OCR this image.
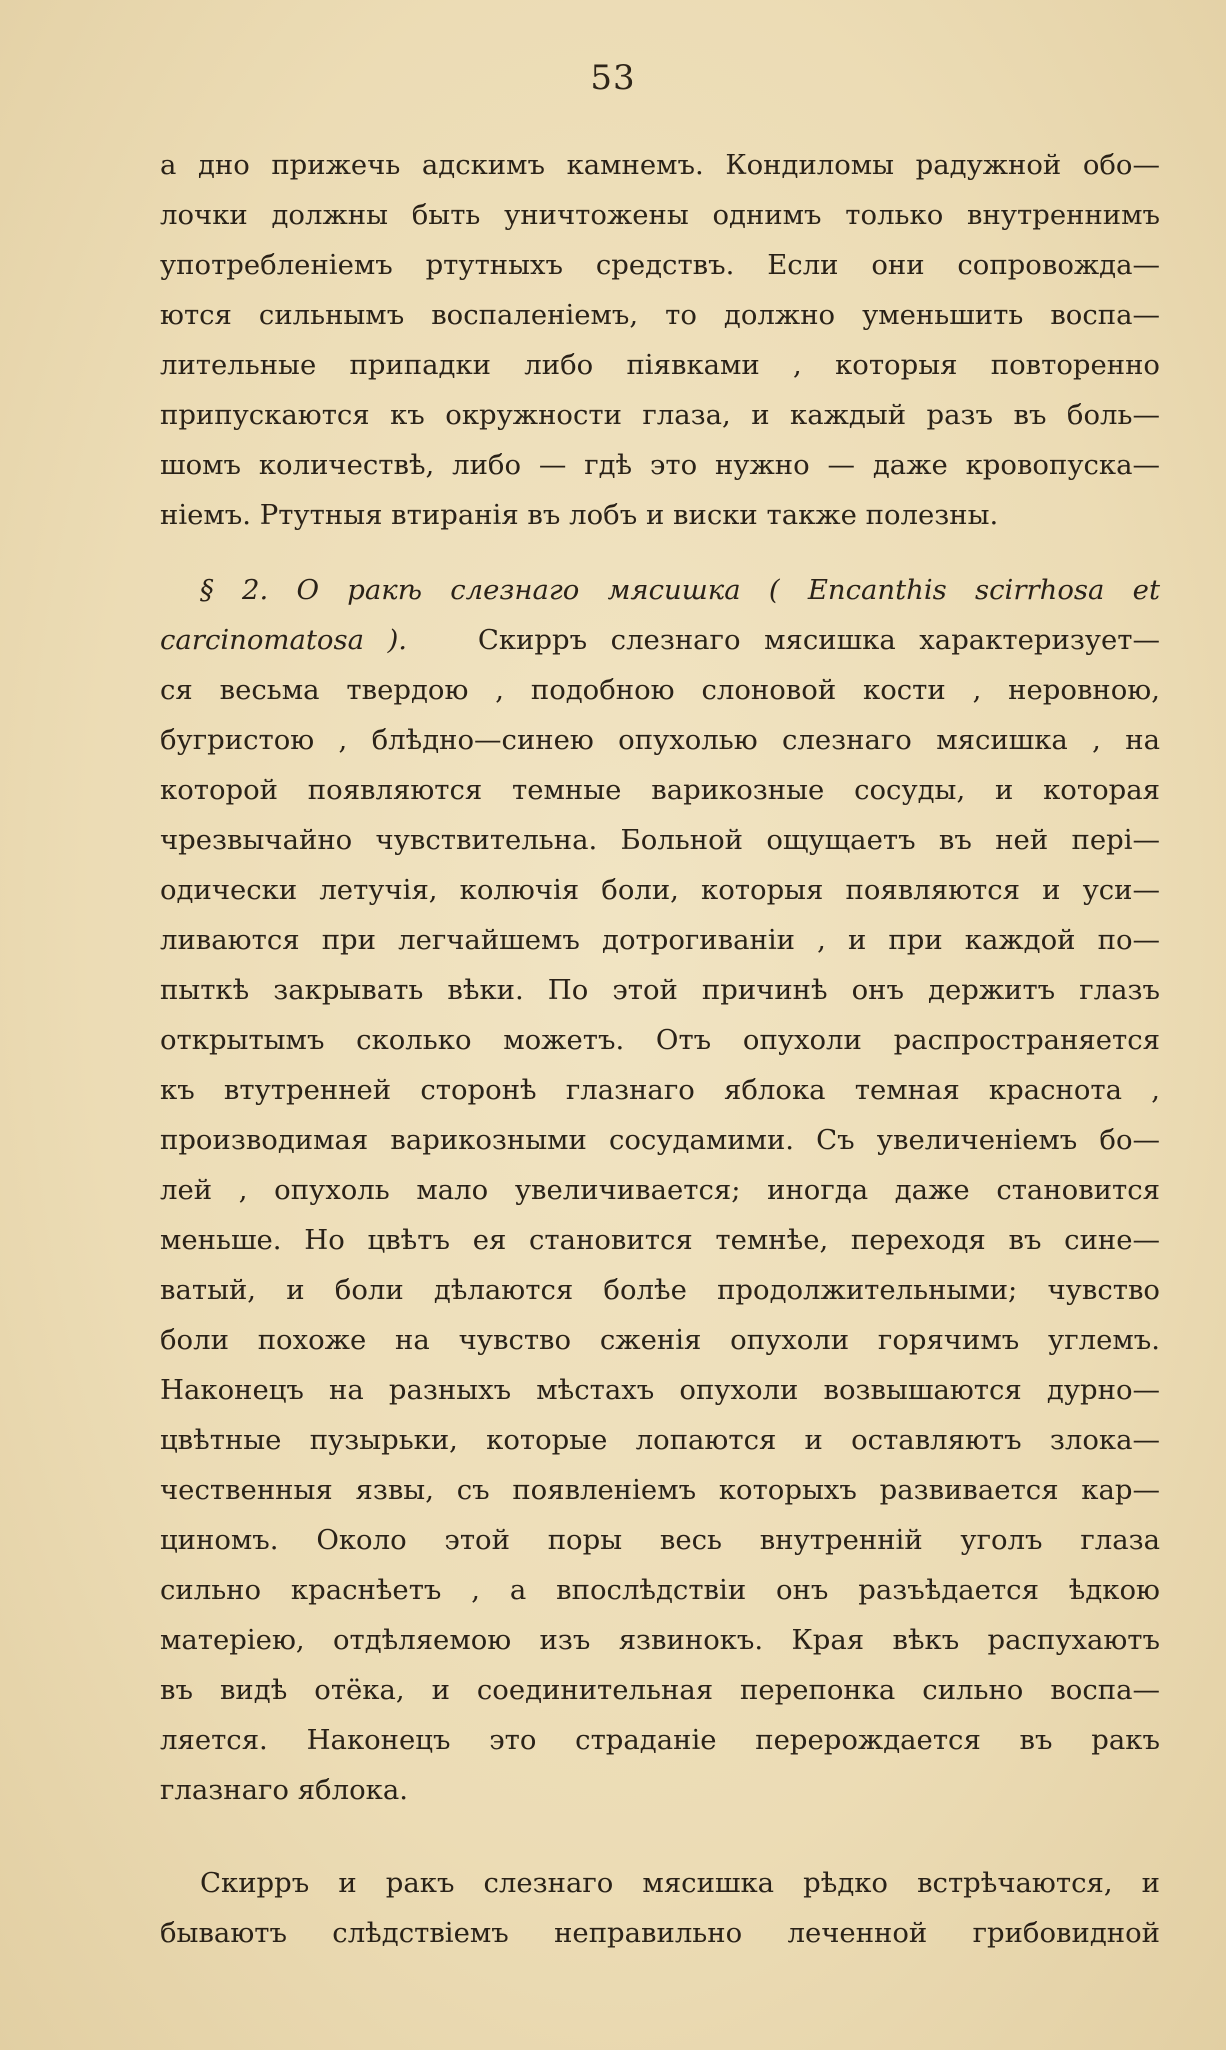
53
а дно прижечь адскимъ камнемъ. Кондиломы радужной обо—
лочки должны быть уничтожены однимъ только внутреннимъ
употребленіемъ ртутныхъ средствъ. Если они сопровожда—
ются сильнымъ воспаленіемъ, то должно уменьшить воспа—
лительные припадки либо піявками , которыя повторенно
припускаются къ окружности глаза, и каждый разъ въ боль—
шомъ количествѣ, либо — гдѣ это нужно — даже кровопуска—
ніемъ. Ртутныя втиранія въ лобъ и виски также полезны.
§ 2. О ракѣ слезнаго мясишка ( Encanthis scirrhosa et
carcinomatosa ).	Скирръ слезнаго мясишка характеризует—
ся весьма твердою , подобною слоновой кости , неровною,
бугристою , блѣдно—синею опухолью слезнаго мясишка , на
которой появляются темные варикозные сосуды, и которая
чрезвычайно чувствительна. Больной ощущаетъ въ ней пері—
одически летучія, колючія боли, которыя появляются и уси—
ливаются при легчайшемъ дотрогиваніи , и при каждой по—
пыткѣ закрывать вѣки. По этой причинѣ онъ держитъ глазъ
открытымъ сколько можетъ. Отъ опухоли распространяется
къ втутренней сторонѣ глазнаго яблока темная краснота ,
производимая варикозными сосудамими. Съ увеличеніемъ бо—
лей , опухоль мало увеличивается; иногда даже становится
меньше. Но цвѣтъ ея становится темнѣе, переходя въ сине—
ватый, и боли дѣлаются болѣе продолжительными; чувство
боли похоже на чувство сженія опухоли горячимъ углемъ.
Наконецъ на разныхъ мѣстахъ опухоли возвышаются дурно—
цвѣтные пузырьки, которые лопаются и оставляютъ злока—
чественныя язвы, съ появленіемъ которыхъ развивается кар—
циномъ. Около этой поры весь внутренній уголъ глаза
сильно краснѣетъ , а впослѣдствіи онъ разъѣдается ѣдкою
матеріею, отдѣляемою изъ язвинокъ. Края вѣкъ распухаютъ
въ видѣ отёка, и соединительная перепонка сильно воспа—
ляется. Наконецъ это страданіе перерождается въ ракъ
глазнаго яблока.
Скирръ и ракъ слезнаго мясишка рѣдко встрѣчаются, и
бываютъ слѣдствіемъ неправильно леченной грибовидной
